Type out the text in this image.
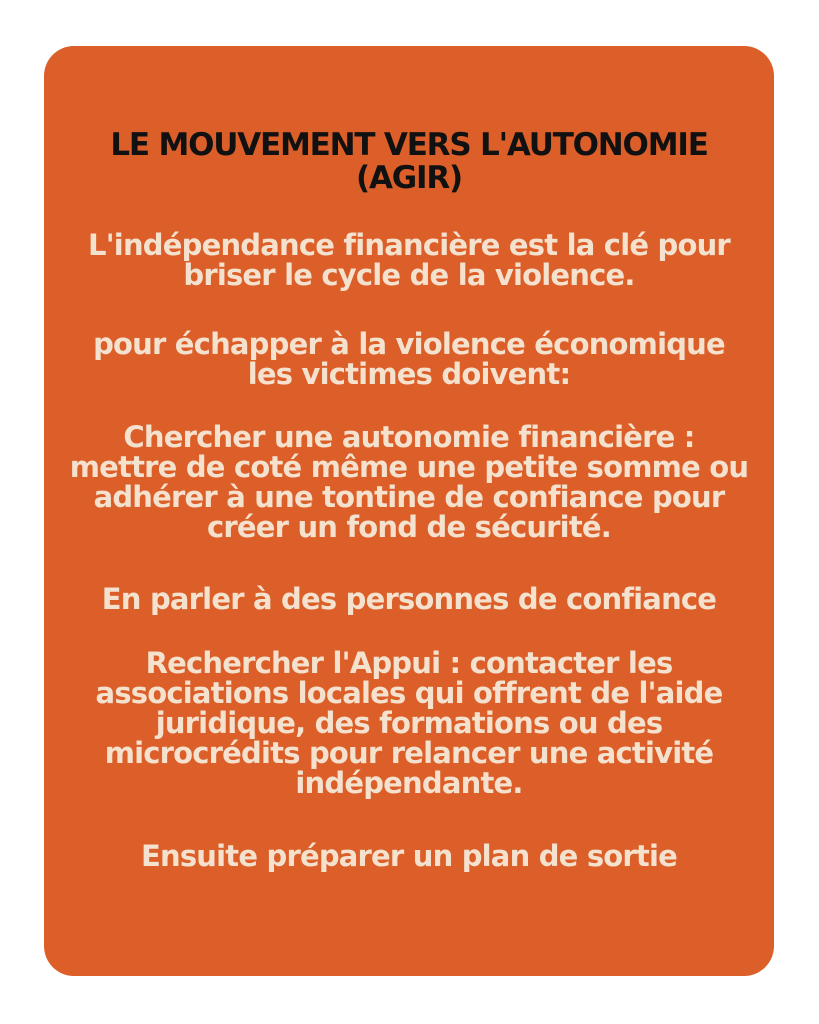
LE MOUVEMENT VERS L'AUTONOMIE
(AGIR)

L'indépendance financière est la clé pour
briser le cycle de la violence.

pour échapper à la violence économique
les victimes doivent:

Chercher une autonomie financière :
mettre de coté même une petite somme ou
adhérer à une tontine de confiance pour
créer un fond de sécurité.

En parler à des personnes de confiance

Rechercher l'Appui : contacter les
associations locales qui offrent de l'aide
juridique, des formations ou des
microcrédits pour relancer une activité
indépendante.

Ensuite préparer un plan de sortie
